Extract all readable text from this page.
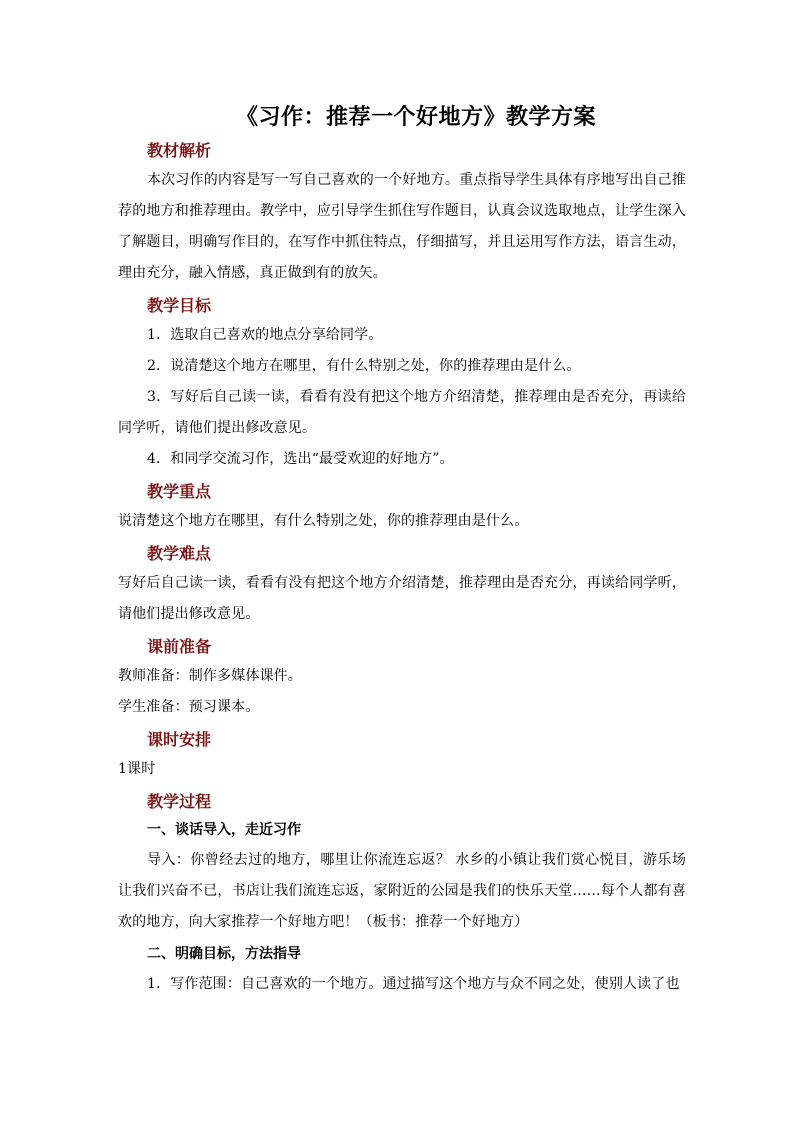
《习作：推荐一个好地方》教学方案
教材解析

本次习作的内容是写一写自己喜欢的一个好地方。重点指导学生具体有序地写出自己推荐的地方和推荐理由。教学中，应引导学生抓住写作题目，认真会议选取地点，让学生深入了解题目，明确写作目的，在写作中抓住特点，仔细描写，并且运用写作方法，语言生动，理由充分，融入情感，真正做到有的放矢。

教学目标

1．选取自己喜欢的地点分享给同学。

2．说清楚这个地方在哪里，有什么特别之处，你的推荐理由是什么。

3．写好后自己读一读，看看有没有把这个地方介绍清楚，推荐理由是否充分，再读给同学听，请他们提出修改意见。

4．和同学交流习作，选出“最受欢迎的好地方”。

教学重点

说清楚这个地方在哪里，有什么特别之处，你的推荐理由是什么。

教学难点

写好后自己读一读，看看有没有把这个地方介绍清楚，推荐理由是否充分，再读给同学听，请他们提出修改意见。

课前准备

教师准备：制作多媒体课件。

学生准备：预习课本。

课时安排

1课时

教学过程
一、谈话导入，走近习作

导入：你曾经去过的地方，哪里让你流连忘返？ 水乡的小镇让我们赏心悦目，游乐场让我们兴奋不已，书店让我们流连忘返，家附近的公园是我们的快乐天堂……每个人都有喜欢的地方，向大家推荐一个好地方吧！（板书：推荐一个好地方）

二、明确目标，方法指导

1．写作范围：自己喜欢的一个地方。通过描写这个地方与众不同之处，使别人读了也
